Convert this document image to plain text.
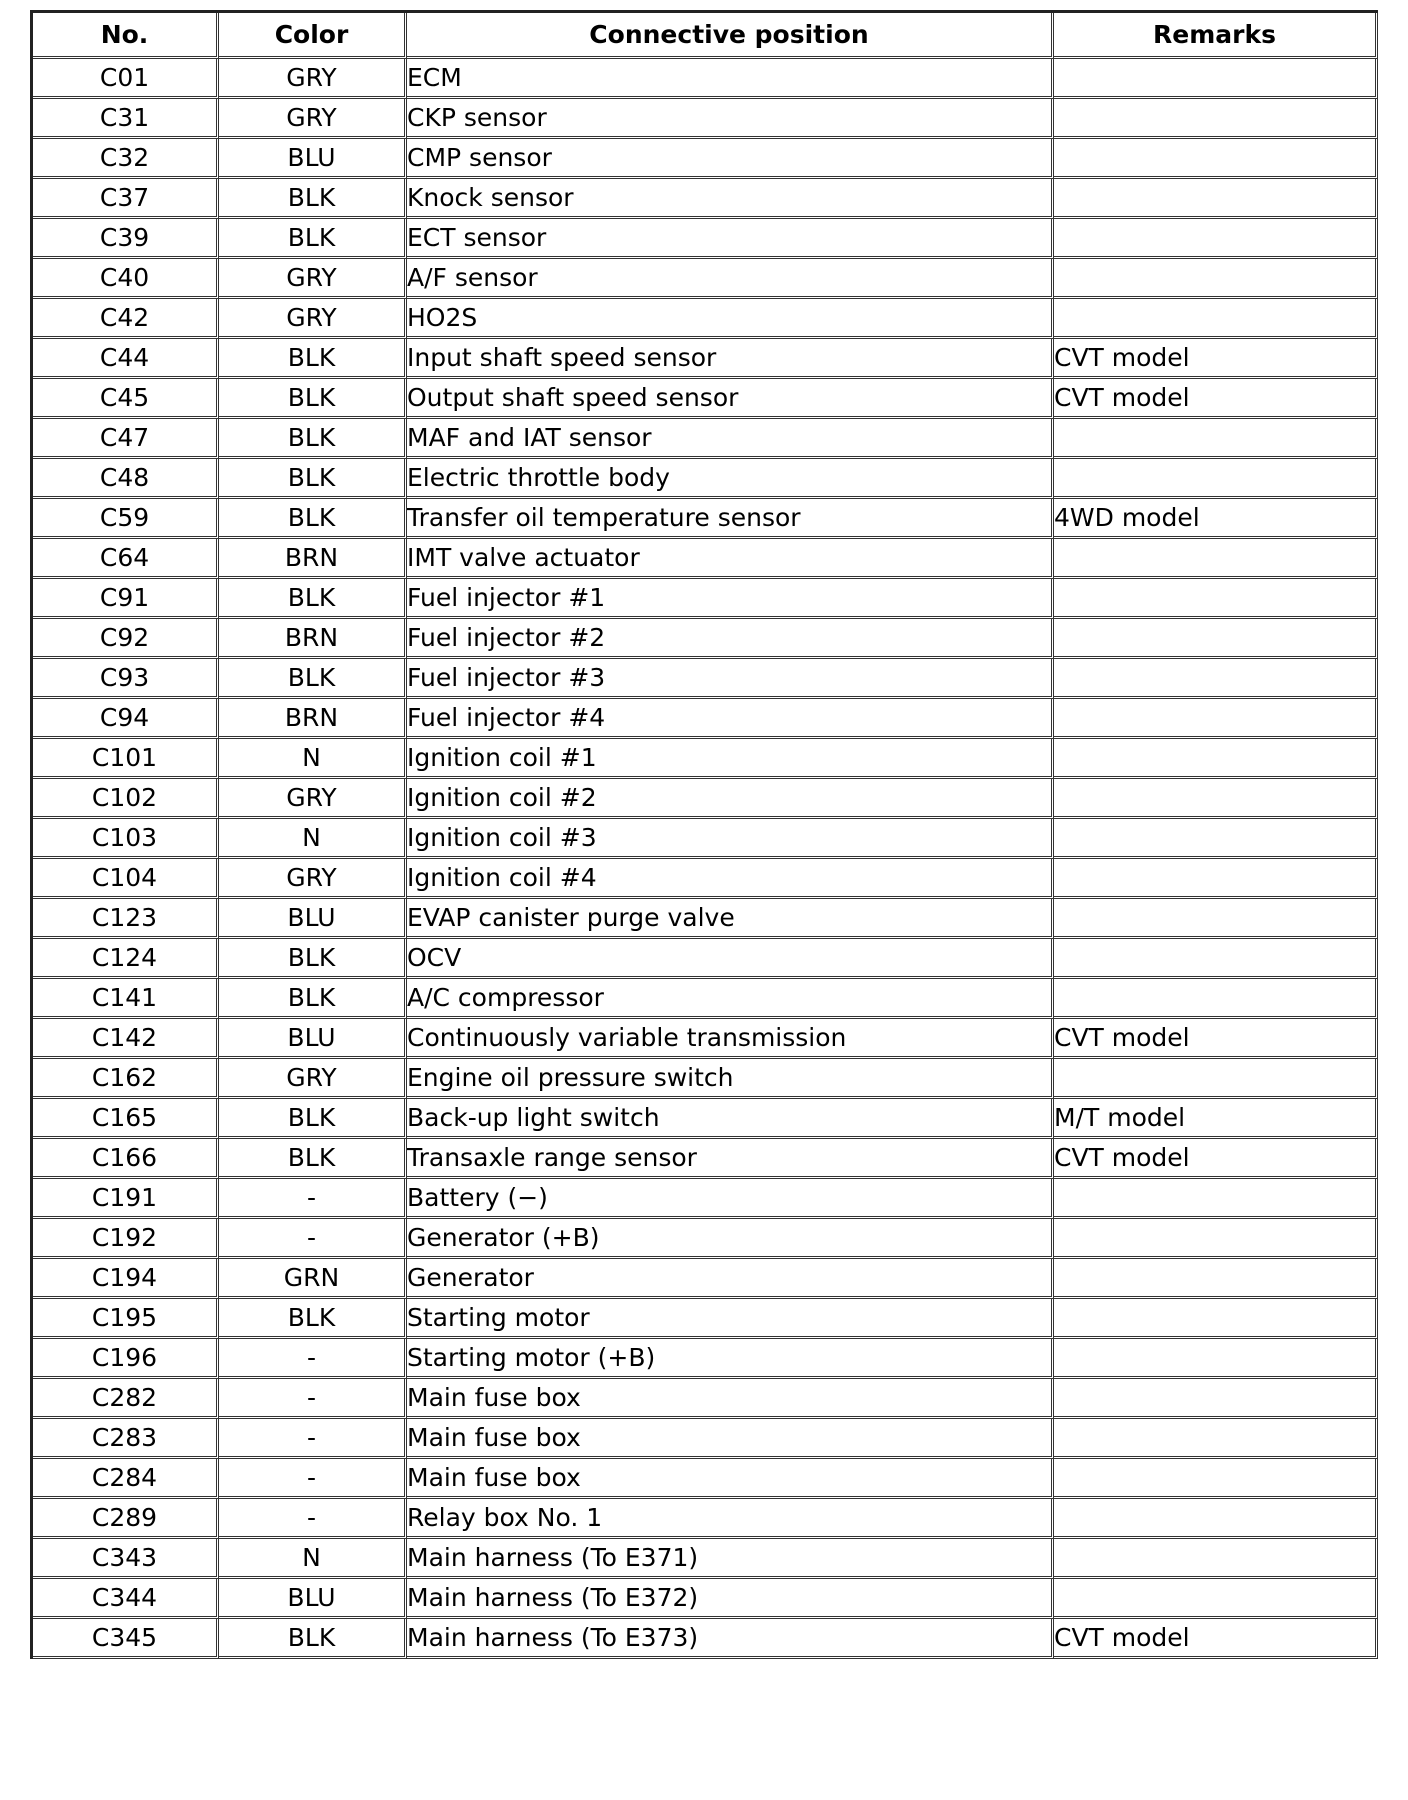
No.	Color	Connective position	Remarks
C01	GRY	ECM	
C31	GRY	CKP sensor	
C32	BLU	CMP sensor	
C37	BLK	Knock sensor	
C39	BLK	ECT sensor	
C40	GRY	A/F sensor	
C42	GRY	HO2S	
C44	BLK	Input shaft speed sensor	CVT model
C45	BLK	Output shaft speed sensor	CVT model
C47	BLK	MAF and IAT sensor	
C48	BLK	Electric throttle body	
C59	BLK	Transfer oil temperature sensor	4WD model
C64	BRN	IMT valve actuator	
C91	BLK	Fuel injector #1	
C92	BRN	Fuel injector #2	
C93	BLK	Fuel injector #3	
C94	BRN	Fuel injector #4	
C101	N	Ignition coil #1	
C102	GRY	Ignition coil #2	
C103	N	Ignition coil #3	
C104	GRY	Ignition coil #4	
C123	BLU	EVAP canister purge valve	
C124	BLK	OCV	
C141	BLK	A/C compressor	
C142	BLU	Continuously variable transmission	CVT model
C162	GRY	Engine oil pressure switch	
C165	BLK	Back-up light switch	M/T model
C166	BLK	Transaxle range sensor	CVT model
C191	-	Battery (−)	
C192	-	Generator (+B)	
C194	GRN	Generator	
C195	BLK	Starting motor	
C196	-	Starting motor (+B)	
C282	-	Main fuse box	
C283	-	Main fuse box	
C284	-	Main fuse box	
C289	-	Relay box No. 1	
C343	N	Main harness (To E371)	
C344	BLU	Main harness (To E372)	
C345	BLK	Main harness (To E373)	CVT model
